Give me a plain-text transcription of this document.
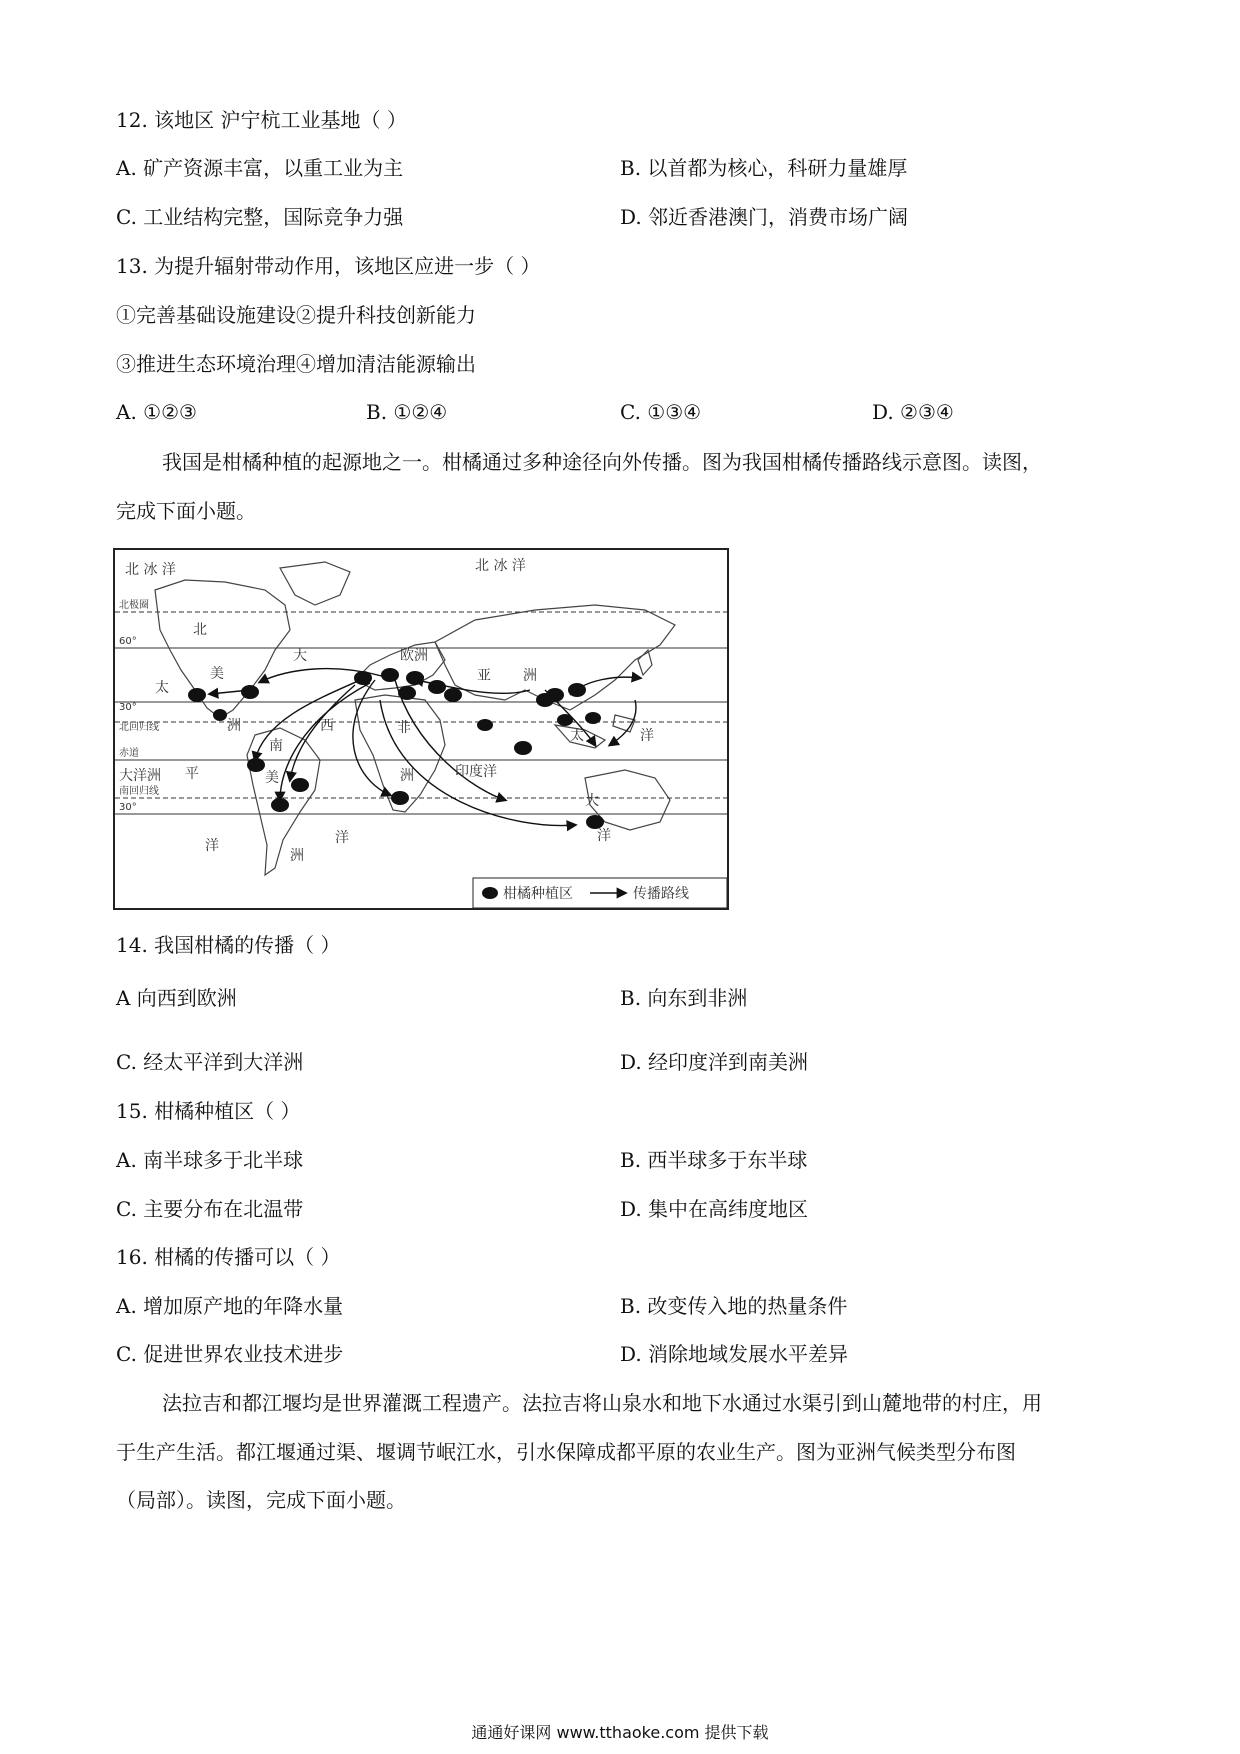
12. 该地区 沪宁杭工业基地（ ）
A. 矿产资源丰富，以重工业为主	B. 以首都为核心，科研力量雄厚
C. 工业结构完整，国际竞争力强	D. 邻近香港澳门，消费市场广阔
13. 为提升辐射带动作用，该地区应进一步（ ）
①完善基础设施建设②提升科技创新能力
③推进生态环境治理④增加清洁能源输出
A. ①②③	B. ①②④	C. ①③④	D. ②③④
我国是柑橘种植的起源地之一。柑橘通过多种途径向外传播。图为我国柑橘传播路线示意图。读图，
完成下面小题。
北 冰 洋	北 冰 洋
北极圈
60°
30°
北回归线
赤道
南回归线
30°
北
太
美
洲
大
南
美
洲
西
欧洲
亚 洲
非
洲	印度洋
大洋洲 平
洋	洋
太	洋
大
洋
柑橘种植区	传播路线
14. 我国柑橘的传播（ ）
A 向西到欧洲	B. 向东到非洲
C. 经太平洋到大洋洲	D. 经印度洋到南美洲
15. 柑橘种植区（ ）
A. 南半球多于北半球	B. 西半球多于东半球
C. 主要分布在北温带	D. 集中在高纬度地区
16. 柑橘的传播可以（ ）
A. 增加原产地的年降水量	B. 改变传入地的热量条件
C. 促进世界农业技术进步	D. 消除地域发展水平差异
法拉吉和都江堰均是世界灌溉工程遗产。法拉吉将山泉水和地下水通过水渠引到山麓地带的村庄，用
于生产生活。都江堰通过渠、堰调节岷江水，引水保障成都平原的农业生产。图为亚洲气候类型分布图
（局部）。读图，完成下面小题。
通通好课网 www.tthaoke.com 提供下载
